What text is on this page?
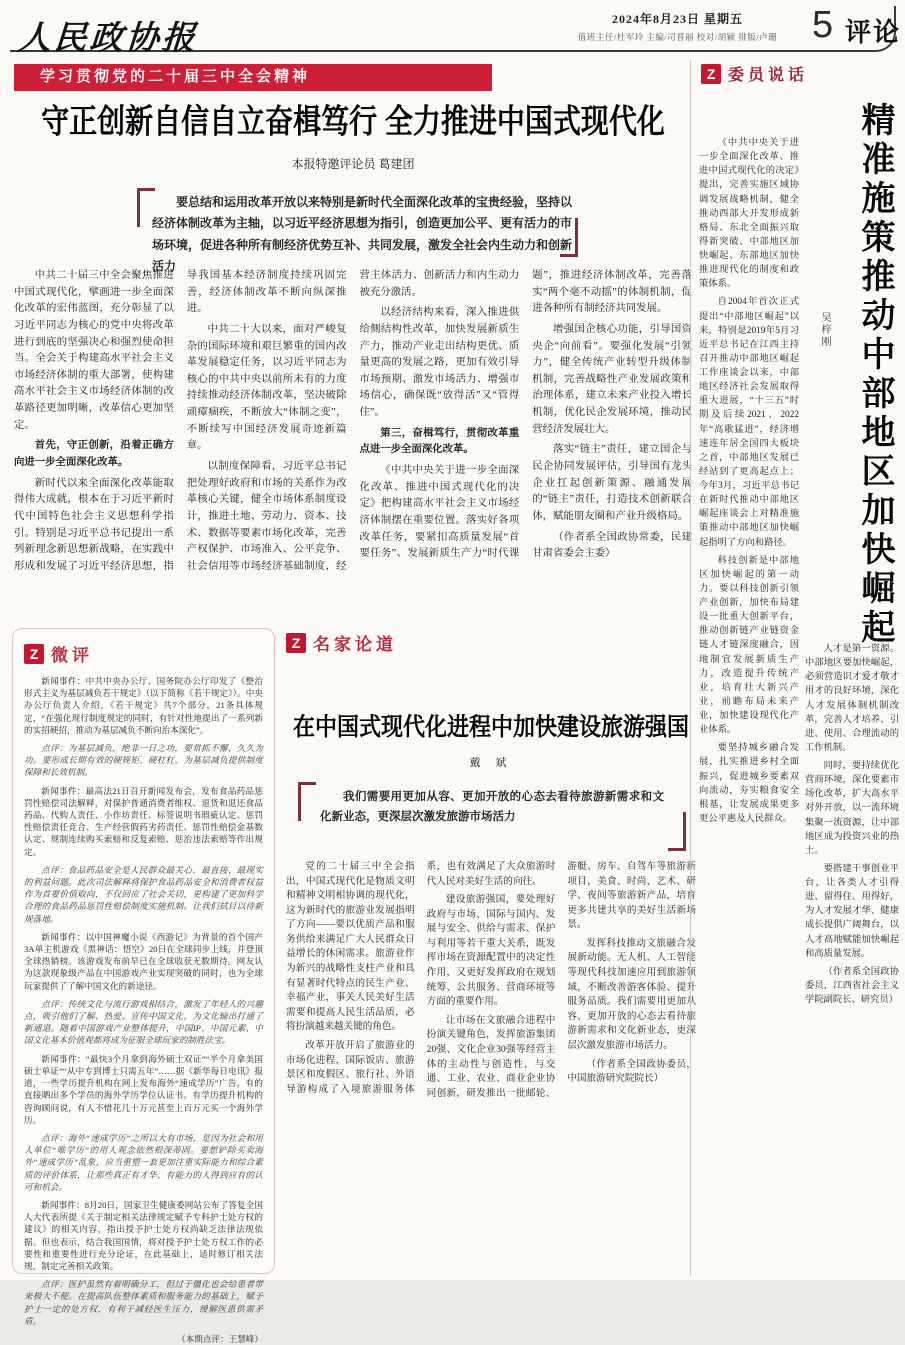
人民政协报
2024年8月23日 星期五
值班主任/杜军玲 主编/司晋丽 校对/胡颖 排版/卢珊 5 评论
学习贯彻党的二十届三中全会精神
守正创新自信自立奋楫笃行 全力推进中国式现代化
本报特邀评论员 葛建团
要总结和运用改革开放以来特别是新时代全面深化改革的宝贵经验，坚持以经济体制改革为主轴，以习近平经济思想为指引，创造更加公平、更有活力的市场环境，促进各种所有制经济优势互补、共同发展，激发全社会内生动力和创新活力

中共二十届三中全会聚焦推进中国式现代化，擘画进一步全面深化改革的宏伟蓝图，充分彰显了以习近平同志为核心的党中央将改革进行到底的坚强决心和强烈使命担当。全会关于构建高水平社会主义市场经济体制的重大部署，使构建高水平社会主义市场经济体制的改革路径更加明晰，改革信心更加坚定。

首先，守正创新，沿着正确方向进一步全面深化改革。

新时代以来全面深化改革能取得伟大成就，根本在于习近平新时代中国特色社会主义思想科学指引。特别是习近平总书记提出一系列新理念新思想新战略，在实践中形成和发展了习近平经济思想，指导我国基本经济制度持续巩固完善，经济体制改革不断向纵深推进。

中共二十大以来，面对严峻复杂的国际环境和艰巨繁重的国内改革发展稳定任务，以习近平同志为核心的中共中央以前所未有的力度持续推动经济体制改革，坚决破除顽瘴痼疾，不断放大“体制之变”，不断续写中国经济发展奇迹新篇章。

以制度保障看，习近平总书记把处理好政府和市场的关系作为改革核心关键，健全市场体系制度设计，推进土地、劳动力、资本、技术、数据等要素市场化改革，完善产权保护、市场准入、公平竞争、社会信用等市场经济基础制度，经营主体活力、创新活力和内生动力被充分激活。

以经济结构来看，深入推进供给侧结构性改革，加快发展新质生产力，推动产业走出结构更优、质量更高的发展之路，更加有效引导市场预期、激发市场活力、增强市场信心，确保既“放得活”又“管得住”。

第三，奋楫笃行，贯彻改革重点进一步全面深化改革。

《中共中央关于进一步全面深化改革、推进中国式现代化的决定》把构建高水平社会主义市场经济体制摆在重要位置。落实好各项改革任务，要紧扣高质量发展“首要任务”、发展新质生产力“时代课题”，推进经济体制改革，完善落实“两个毫不动摇”的体制机制，促进各种所有制经济共同发展。

增强国企核心功能，引导国资央企“向前看”。要强化发展“引领力”，健全传统产业转型升级体制机制，完善战略性产业发展政策和治理体系，建立未来产业投入增长机制，优化民企发展环境，推动民营经济发展壮大。

落实“链主”责任，建立国企与民企协同发展评估，引导国有龙头企业扛起创新策源、融通发展的“链主”责任，打造技术创新联合体，赋能朋友圈和产业升级格局。

（作者系全国政协常委，民建甘肃省委会主委）

Z 微评

新闻事件：中共中央办公厅、国务院办公厅印发了《整治形式主义为基层减负若干规定》（以下简称《若干规定》）。中央办公厅负责人介绍，《若干规定》共7个部分，21条具体规定，“在强化现行制度规定的同时，有针对性地提出了一系列新的实招硬招，推动为基层减负不断向治本深化”。

点评：为基层减负，绝非一日之功，要常抓不懈、久久为功。要形成长期有效的硬规矩、硬杠杠，为基层减负提供制度保障和长效机制。

新闻事件：最高法21日召开新闻发布会，发布食品药品惩罚性赔偿司法解释，对保护普通消费者维权、退货和退还食品药品、代购人责任、小作坊责任、标签说明书瑕疵认定、惩罚性赔偿责任竞合、生产经营假药劣药责任、惩罚性赔偿金基数认定、规制连续购买索赔和反复索赔、惩治违法索赔等作出规定。

点评：食品药品安全是人民群众最关心、最直接、最现实的利益问题。此次司法解释将保护食品药品安全和消费者权益作为首要价值取向，不仅回应了社会关切，更构建了更加科学合理的食品药品惩罚性赔偿制度实施机制。让我们拭目以待新规落地。

新闻事件：以中国神魔小说《西游记》为背景的首个国产3A单主机游戏《黑神话：悟空》20日在全球同步上线，并登顶全球热销榜。该游戏发布前早已在全球收获无数期待。网友认为这款现象级产品在中国游戏产业实现突破的同时，也为全球玩家提供了了解中国文化的新途径。

点评：传统文化与流行游戏相结合，激发了年轻人的兴趣点，吸引他们了解、热爱、宣传中国文化，为文化输出打通了新通道。随着中国游戏产业整体提升，中国IP、中国元素、中国文化基本价值观都将成为征服全球玩家的制胜法宝。

新闻事件：“最快3个月拿到海外硕士双证”“半个月拿美国硕士单证”“从中专到博士只需五年”……据《新华每日电讯》报道，一些学历提升机构在网上发布海外“速成学历”广告，有的直接晒出多个学员的海外学历学位认证书。有学历提升机构的咨询顾问说，有人不惜花几十万元甚至上百万元买一个海外学历。

点评：海外“速成学历”之所以大有市场，是因为社会和用人单位“唯学历”的用人观念依然根深蒂固。要想铲除买卖海外“速成学历”乱象，应当重塑一套更加注重实际能力和综合素质的评价体系，让那些真正有才华、有能力的人得到应有的认可和机会。

新闻事件：8月20日，国家卫生健康委网站公布了答复全国人大代表所提《关于制定相关法律规定赋予专科护士处方权的建议》的相关内容，指出授予护士处方权尚缺乏法律法规依据。但也表示，结合我国国情，将对授予护士处方权工作的必要性和重要性进行充分论证，在此基础上，适时修订相关法规，制定完善相关政策。

点评：医护虽然有着明确分工，但过于僵化也会给患者带来极大不便。在提高队伍整体素质和服务能力的基础上，赋予护士一定的处方权，有利于减轻医生压力，缓解医患供需矛盾。

（本期点评：王慧峰）

Z 名家论道
在中国式现代化进程中加快建设旅游强国
戴 斌
我们需要用更加从容、更加开放的心态去看待旅游新需求和文化新业态，更深层次激发旅游市场活力

党的二十届三中全会指出，中国式现代化是物质文明和精神文明相协调的现代化，这为新时代的旅游业发展指明了方向——要以优质产品和服务供给来满足广大人民群众日益增长的休闲需求。旅游业作为新兴的战略性支柱产业和具有显著时代特点的民生产业、幸福产业，事关人民美好生活需要和提高人民生活品质，必将扮演越来越关键的角色。

改革开放开启了旅游业的市场化进程，国际饭店、旅游景区和度假区、旅行社、外语导游构成了入境旅游服务体系，也有效满足了大众旅游时代人民对美好生活的向往。

建设旅游强国，要处理好政府与市场、国际与国内、发展与安全、供给与需求、保护与利用等若干重大关系，既发挥市场在资源配置中的决定性作用，又更好发挥政府在规划统筹、公共服务、营商环境等方面的重要作用。

让市场在文旅融合进程中扮演关键角色，发挥旅游集团20强、文化企业30强等经营主体的主动性与创造性，与交通、工业、农业、商业企业协同创新，研发推出一批邮轮、游艇、房车、自驾车等旅游新项目，美食、时尚、艺术、研学、夜间等旅游新产品，培育更多共建共享的美好生活新场景。

发挥科技推动文旅融合发展新动能。无人机、人工智能等现代科技加速应用到旅游领域，不断改善游客体验、提升服务品质。我们需要用更加从容、更加开放的心态去看待旅游新需求和文化新业态，更深层次激发旅游市场活力。

（作者系全国政协委员，中国旅游研究院院长）

Z 委员说话
精准施策推动中部地区加快崛起
吴梓刚

《中共中央关于进一步全面深化改革、推进中国式现代化的决定》提出，完善实施区域协调发展战略机制，健全推动西部大开发形成新格局、东北全面振兴取得新突破、中部地区加快崛起、东部地区加快推进现代化的制度和政策体系。

自2004年首次正式提出“中部地区崛起”以来，特别是2019年5月习近平总书记在江西主持召开推动中部地区崛起工作座谈会以来，中部地区经济社会发展取得重大进展，“十三五”时期及后续2021、2022年“高歌猛进”，经济增速连年居全国四大板块之首，中部地区发展已经站到了更高起点上；今年3月，习近平总书记在新时代推动中部地区崛起座谈会上对精准施策推动中部地区加快崛起指明了方向和路径。

科技创新是中部地区加快崛起的第一动力。要以科技创新引领产业创新，加快布局建设一批重大创新平台，推动创新链产业链资金链人才链深度融合，因地制宜发展新质生产力，改造提升传统产业，培育壮大新兴产业，前瞻布局未来产业，加快建设现代化产业体系。

要坚持城乡融合发展，扎实推进乡村全面振兴，促进城乡要素双向流动，夯实粮食安全根基，让发展成果更多更公平惠及人民群众。

人才是第一资源。中部地区要加快崛起，必须营造识才爱才敬才用才的良好环境，深化人才发展体制机制改革，完善人才培养、引进、使用、合理流动的工作机制。

同时，要持续优化营商环境，深化要素市场化改革，扩大高水平对外开放，以一流环境集聚一流资源，让中部地区成为投资兴业的热土。

要搭建干事创业平台，让各类人才引得进、留得住、用得好，为人才发展才华、健康成长提供广阔舞台，以人才高地赋能加快崛起和高质量发展。

（作者系全国政协委员，江西省社会主义学院副院长、研究员）
